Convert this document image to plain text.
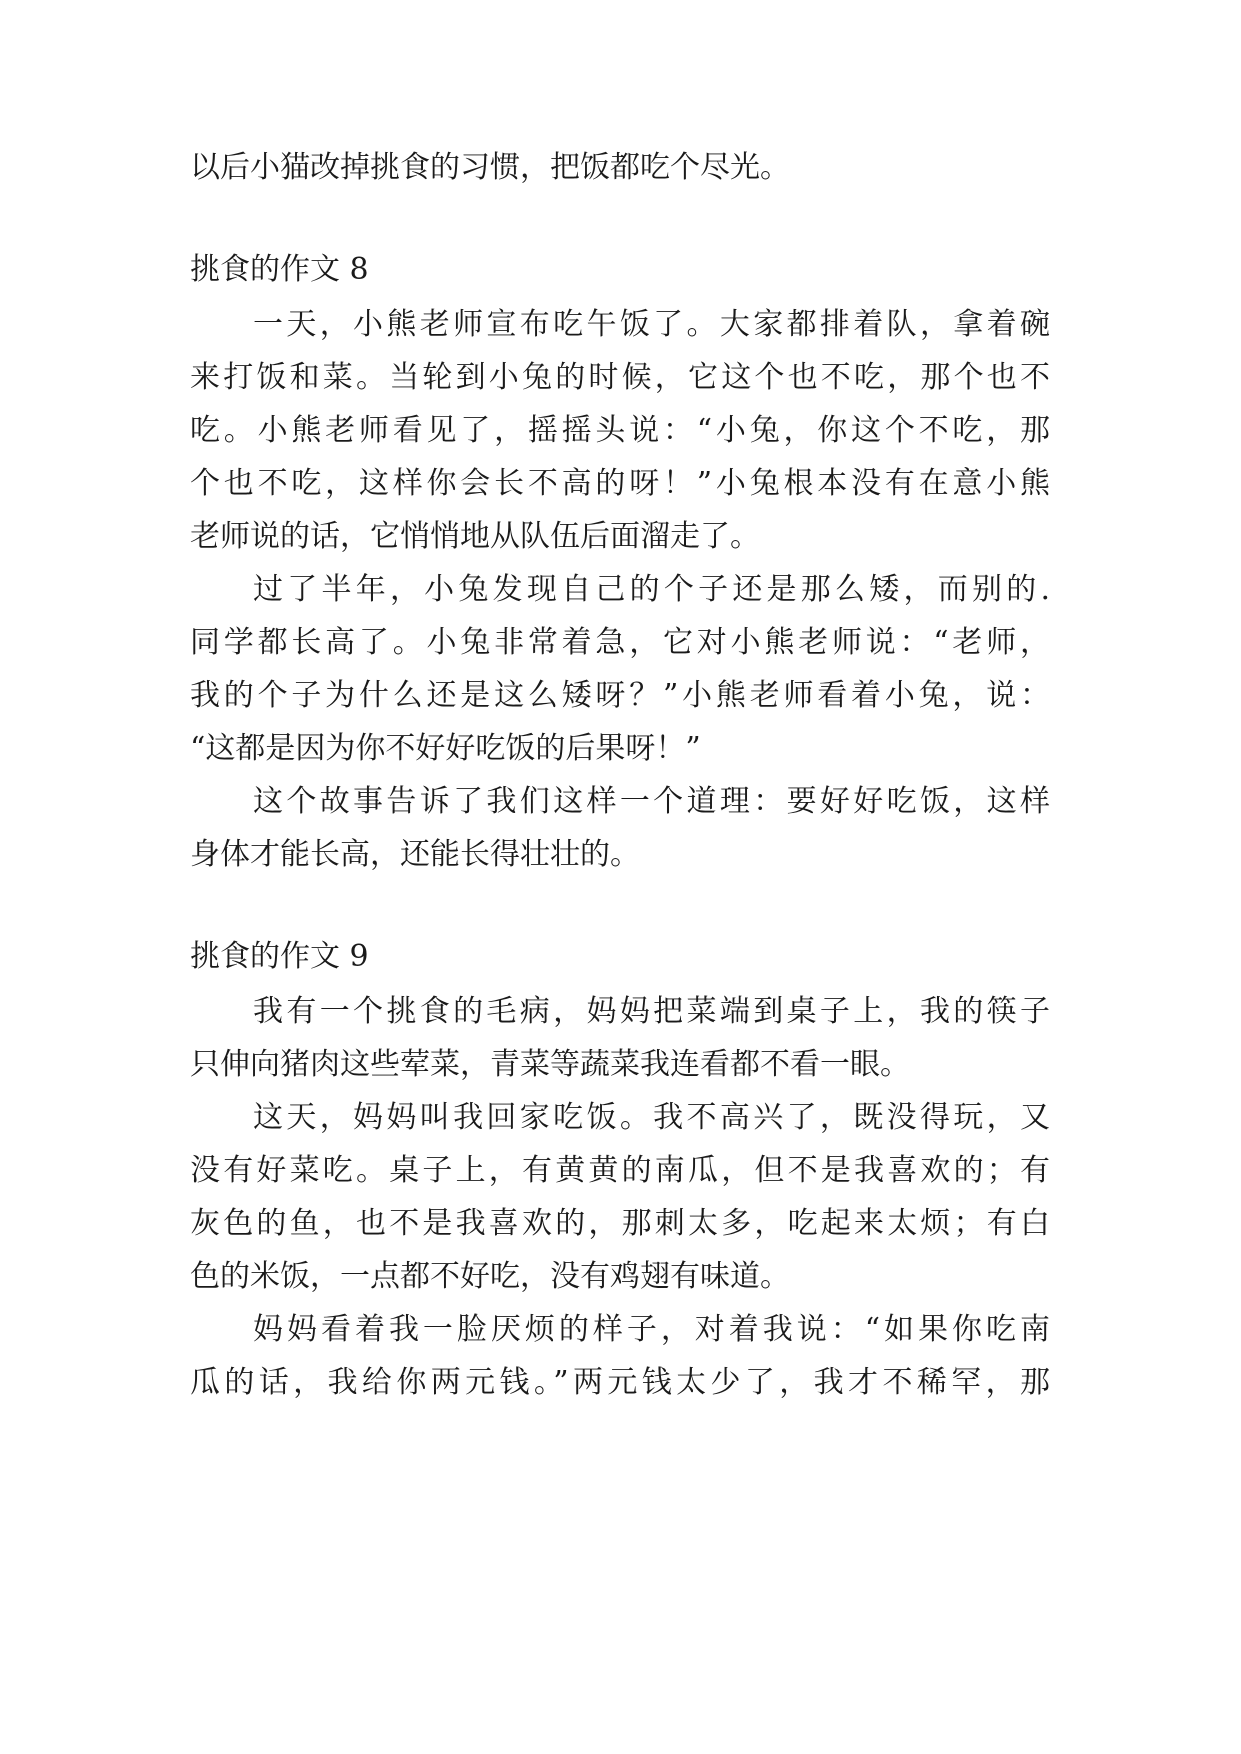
以后小猫改掉挑食的习惯，把饭都吃个尽光。
挑食的作文 8
一天，小熊老师宣布吃午饭了。大家都排着队，拿着碗
来打饭和菜。当轮到小兔的时候，它这个也不吃，那个也不
吃。小熊老师看见了，摇摇头说：“小兔，你这个不吃，那
个也不吃，这样你会长不高的呀！”小兔根本没有在意小熊
老师说的话，它悄悄地从队伍后面溜走了。
过了半年，小兔发现自己的个子还是那么矮，而别的.
同学都长高了。小兔非常着急，它对小熊老师说：“老师，
我的个子为什么还是这么矮呀？”小熊老师看着小兔，说：
“这都是因为你不好好吃饭的后果呀！”
这个故事告诉了我们这样一个道理：要好好吃饭，这样
身体才能长高，还能长得壮壮的。
挑食的作文 9
我有一个挑食的毛病，妈妈把菜端到桌子上，我的筷子
只伸向猪肉这些荤菜，青菜等蔬菜我连看都不看一眼。
这天，妈妈叫我回家吃饭。我不高兴了，既没得玩，又
没有好菜吃。桌子上，有黄黄的南瓜，但不是我喜欢的；有
灰色的鱼，也不是我喜欢的，那刺太多，吃起来太烦；有白
色的米饭，一点都不好吃，没有鸡翅有味道。
妈妈看着我一脸厌烦的样子，对着我说：“如果你吃南
瓜的话，我给你两元钱。”两元钱太少了，我才不稀罕，那
